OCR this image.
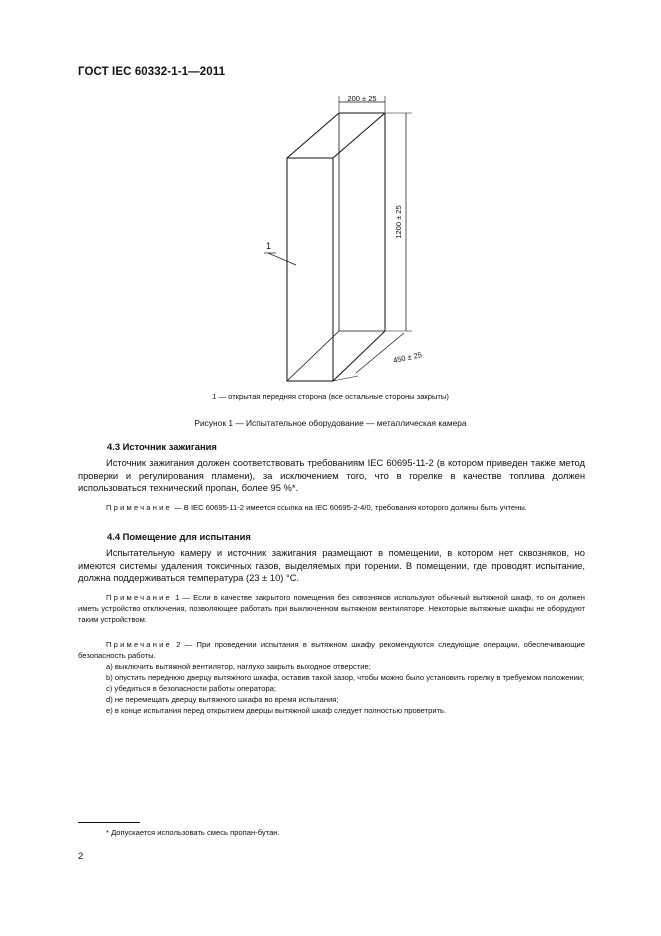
ГОСТ IEC 60332-1-1—2011
200 ± 25
1200 ± 25
450 ± 25
1
1 — открытая передняя сторона (все остальные стороны закрыты)
Рисунок 1 — Испытательное оборудование — металлическая камера
4.3 Источник зажигания

Источник зажигания должен соответствовать требованиям IEC 60695-11-2 (в котором приведен также метод проверки и регулирования пламени), за исключением того, что в горелке в качестве топлива должен использоваться технический пропан, более 95 %*.

Примечание — В IEC 60695-11-2 имеется ссылка на IEC 60695-2-4/0, требования которого должны быть учтены.

4.4 Помещение для испытания

Испытательную камеру и источник зажигания размещают в помещении, в котором нет сквозняков, но имеются системы удаления токсичных газов, выделяемых при горении. В помещении, где проводят испытание, должна поддерживаться температура (23 ± 10) °С.

Примечание 1 — Если в качестве закрытого помещения без сквозняков используют обычный вытяжной шкаф, то он должен иметь устройство отключения, позволяющее работать при выключенном вытяжном вентиляторе. Некоторые вытяжные шкафы не оборудуют таким устройством.

Примечание 2 — При проведении испытания в вытяжном шкафу рекомендуются следующие операции, обеспечивающие безопасность работы.

а) выключить вытяжной вентилятор, наглухо закрыть выходное отверстие;
b) опустить переднюю дверцу вытяжного шкафа, оставив такой зазор, чтобы можно было установить горелку в требуемом положении;
с) убедиться в безопасности работы оператора;
d) не перемещать дверцу вытяжного шкафа во время испытания;
е) в конце испытания перед открытием дверцы вытяжной шкаф следует полностью проветрить.
* Допускается использовать смесь пропан-бутан.
2
